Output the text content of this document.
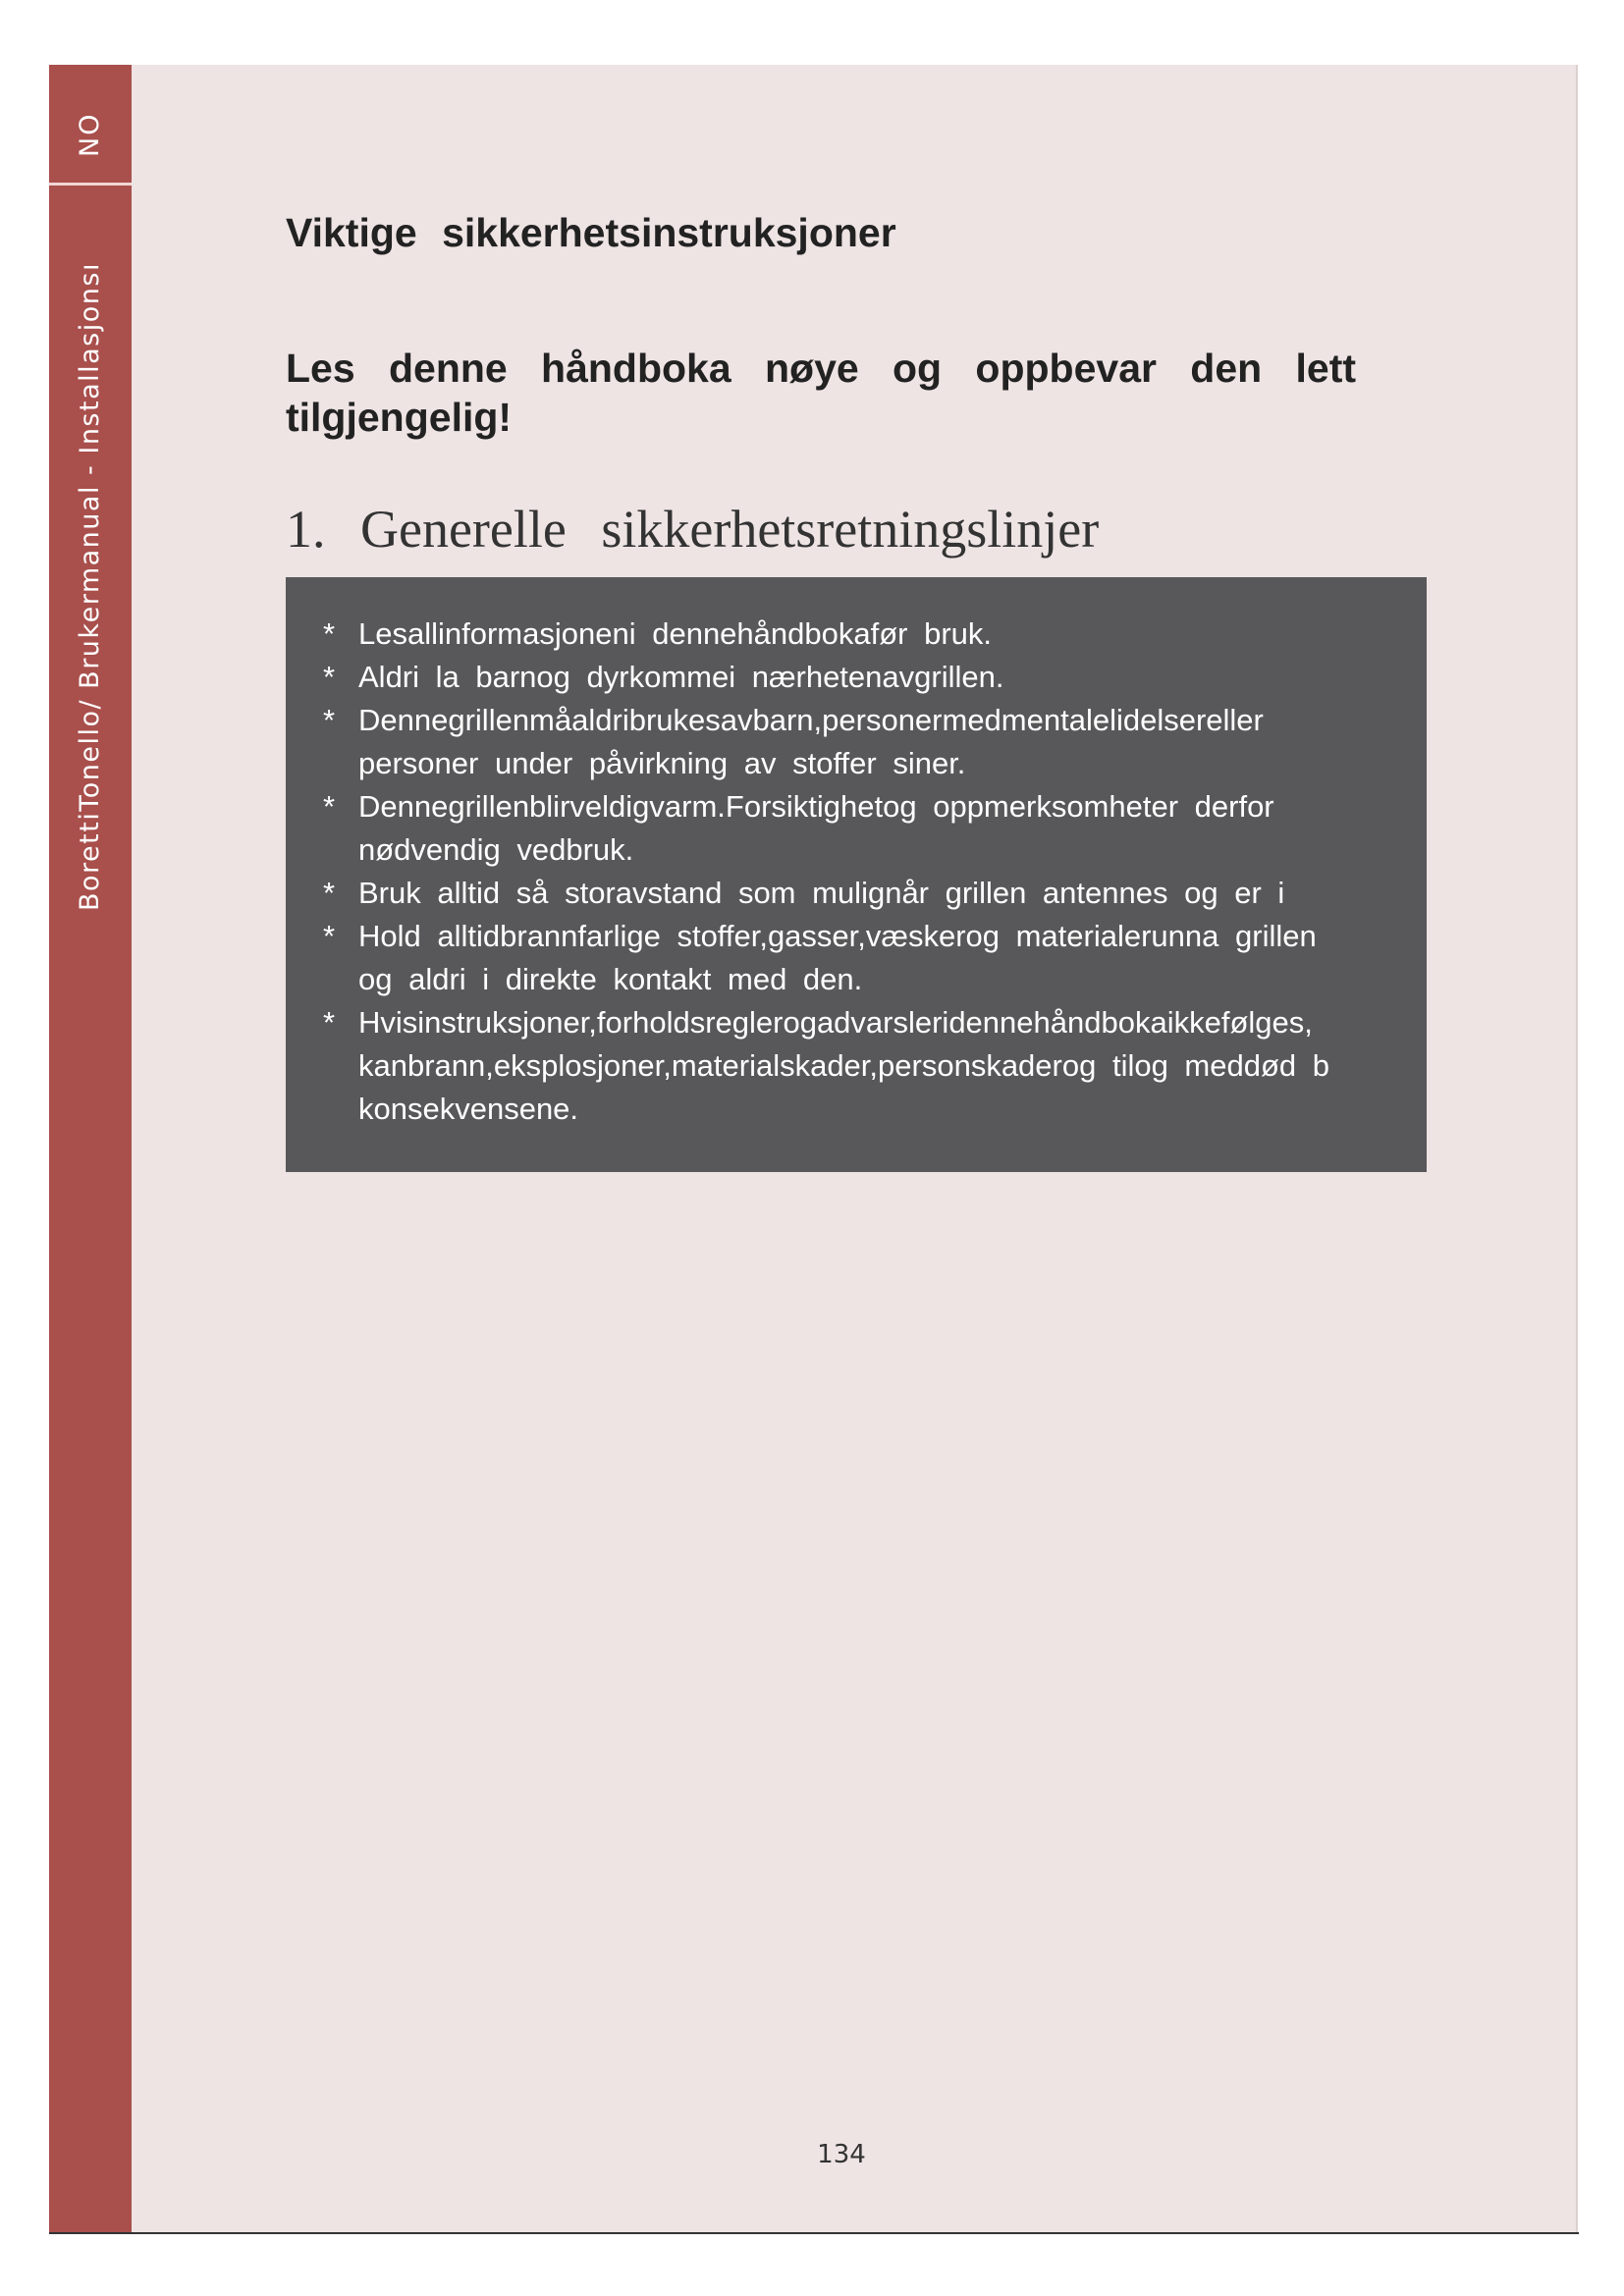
NO
BorettiTonello/ Brukermanual - Installasjonsı
Viktige sikkerhetsinstruksjoner

Les denne håndboka nøye og oppbevar den lett tilgjengelig!

1. Generelle sikkerhetsretningslinjer
* Lesallinformasjoneni dennehåndbokafør bruk.
* Aldri la barnog dyrkommei nærhetenavgrillen.
* Dennegrillenmåaldribrukesavbarn,personermedmentalelidelsereller
personer under påvirkning av stoffer siner.
* Dennegrillenblirveldigvarm.Forsiktighetog oppmerksomheter derfor
nødvendig vedbruk.
* Bruk alltid så storavstand som mulignår grillen antennes og er i
* Hold alltidbrannfarlige stoffer,gasser,væskerog materialerunna grillen
og aldri i direkte kontakt med den.
* Hvisinstruksjoner,forholdsreglerogadvarsleridennehåndbokaikkefølges,
kanbrann,eksplosjoner,materialskader,personskaderog tilog meddød b
konsekvensene.
134
